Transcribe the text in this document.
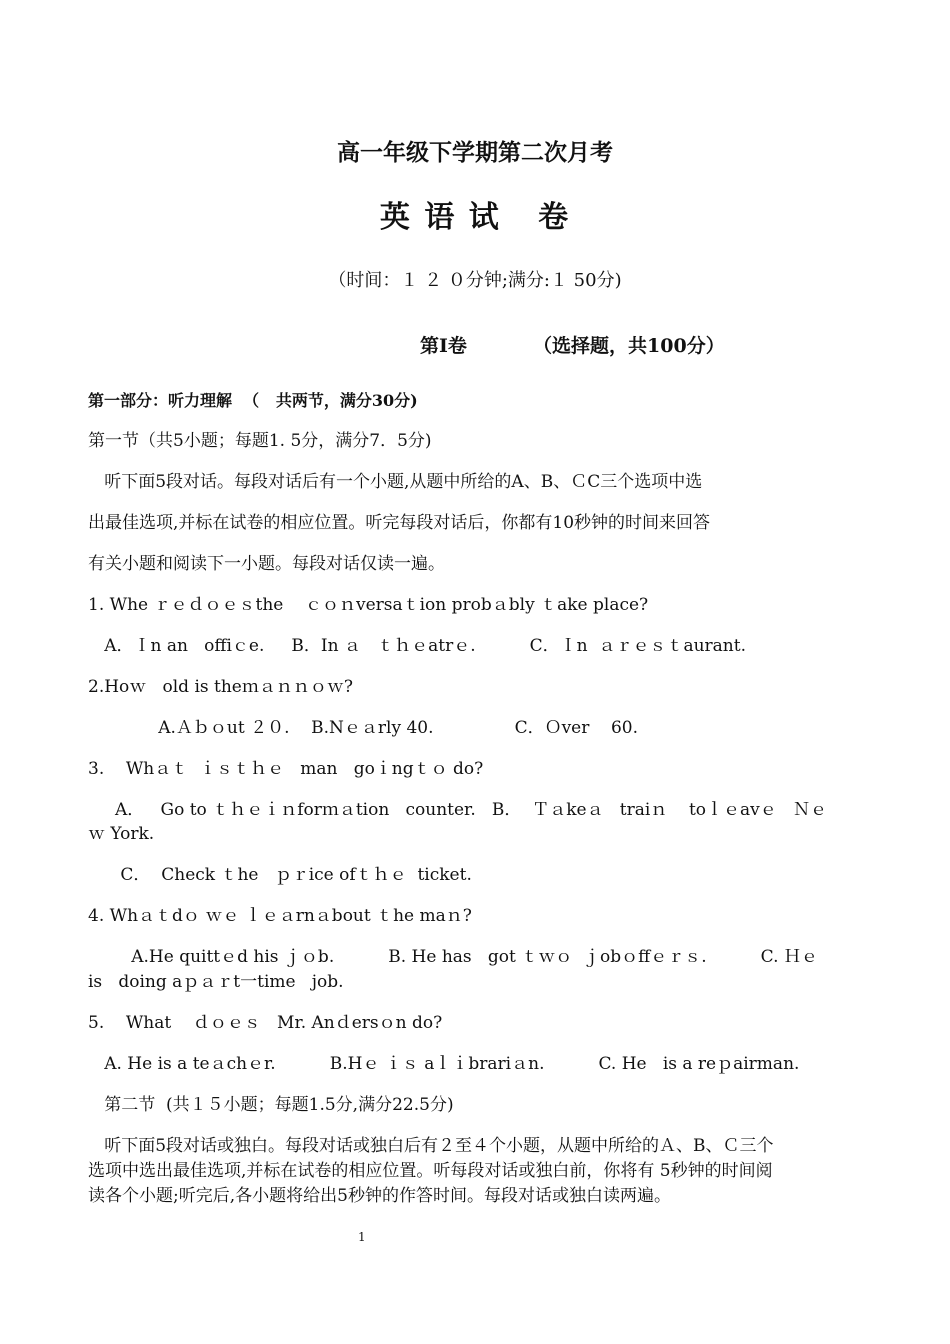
高一年级下学期第二次月考
英 语 试   卷
（时间：１ ２ ０分钟;满分:１ 50分)
第Ⅰ卷          （选择题，共100分）
第一部分：听力理解  （   共两节，满分30分)
第一节（共5小题；每题1. 5分，满分7．5分)
听下面5段对话。每段对话后有一个小题,从题中所给的A、B、ＣC三个选项中选
出最佳选项,并标在试卷的相应位置。听完每段对话后，你都有10秒钟的时间来回答
有关小题和阅读下一小题。每段对话仅读一遍。
1. Whe ｒｅｄｏｅｓthe    ｃｏｎversaｔion probａbly ｔake place?
A．Ｉn an   offiｃe.     B．In ａ   ｔｈｅatrｅ.          C．Ｉn  ａｒｅｓｔaurant.
2.Hoｗ   old is theｍａｎｎｏｗ?
A.Ａｂｏut ２０.    B.Nｅａrly 40.               C．Ｏver    60.
3.    Whａｔ  ｉｓｔｈｅ   man   goｉngｔｏ do?
A．   Go to ｔｈｅｉｎforｍａtion   counter.   B．  Ｔａkeａ   traiｎ    toｌｅavｅ   Ｎｅ
ｗ York.
C．  Check ｔhe   ｐｒice ofｔｈｅ  ticket.
4. Whａｔdｏ ｗｅ ｌｅａrnａbout ｔhe maｎ?
A.He quittｅd his ｊｏb.          B. He has   got ｔｗｏ  ｊobｏffｅｒｓ.          C. Ｈｅ
is   doing aｐａｒt一time   job.
5.    What    ｄｏｅｓ   Mr. Anｄersｏn do?
A. He is a teａchｅr.          B.Hｅ ｉｓ aｌｉbrariａn.          C. He   is a reｐairman.
第二节  (共１５小题；每题1.5分,满分22.5分)
听下面5段对话或独白。每段对话或独白后有２至４个小题，从题中所给的Ａ、B、Ｃ三个
选项中选出最佳选项,并标在试卷的相应位置。听每段对话或独白前，你将有 5秒钟的时间阅
读各个小题;听完后,各小题将给出5秒钟的作答时间。每段对话或独白读两遍。
1
